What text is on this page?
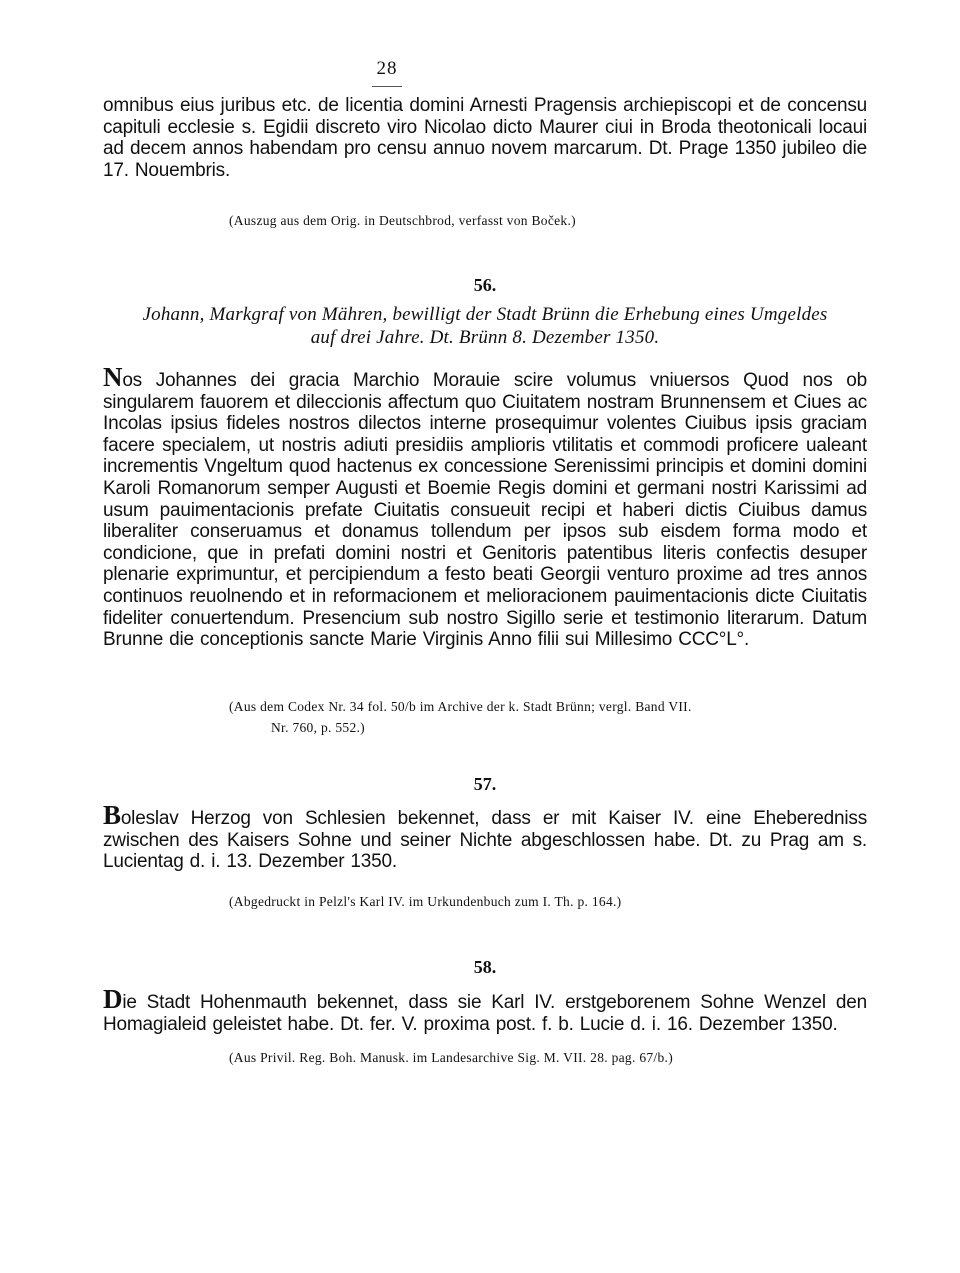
28

omnibus eius juribus etc. de licentia domini Arnesti Pragensis archiepiscopi et de concensu capituli ecclesie s. Egidii discreto viro Nicolao dicto Maurer ciui in Broda theotonicali locaui ad decem annos habendam pro censu annuo novem marcarum. Dt. Prage 1350 jubileo die 17. Nouembris.

(Auszug aus dem Orig. in Deutschbrod, verfasst von Boček.)

56.

Johann, Markgraf von Mähren, bewilligt der Stadt Brünn die Erhebung eines Umgeldes

auf drei Jahre. Dt. Brünn 8. Dezember 1350.

Nos Johannes dei gracia Marchio Morauie scire volumus vniuersos Quod nos ob singularem fauorem et dileccionis affectum quo Ciuitatem nostram Brunnensem et Ciues ac Incolas ipsius fideles nostros dilectos interne prosequimur volentes Ciuibus ipsis graciam facere specialem, ut nostris adiuti presidiis amplioris vtilitatis et commodi proficere ualeant incrementis Vngeltum quod hactenus ex concessione Serenissimi principis et domini domini Karoli Romanorum semper Augusti et Boemie Regis domini et germani nostri Karissimi ad usum pauimentacionis prefate Ciuitatis consueuit recipi et haberi dictis Ciuibus damus liberaliter conseruamus et donamus tollendum per ipsos sub eisdem forma modo et condicione, que in prefati domini nostri et Genitoris patentibus literis confectis desuper plenarie exprimuntur, et percipiendum a festo beati Georgii venturo proxime ad tres annos continuos reuolnendo et in reformacionem et melioracionem pauimentacionis dicte Ciuitatis fideliter conuertendum. Presencium sub nostro Sigillo serie et testimonio literarum. Datum Brunne die conceptionis sancte Marie Virginis Anno filii sui Millesimo CCC°L°.

(Aus dem Codex Nr. 34 fol. 50/b im Archive der k. Stadt Brünn; vergl. Band VII.

Nr. 760, p. 552.)

57.

Boleslav Herzog von Schlesien bekennet, dass er mit Kaiser IV. eine Eheberedniss zwischen des Kaisers Sohne und seiner Nichte abgeschlossen habe. Dt. zu Prag am s. Lucientag d. i. 13. Dezember 1350.

(Abgedruckt in Pelzl's Karl IV. im Urkundenbuch zum I. Th. p. 164.)

58.

Die Stadt Hohenmauth bekennet, dass sie Karl IV. erstgeborenem Sohne Wenzel den Homagialeid geleistet habe. Dt. fer. V. proxima post. f. b. Lucie d. i. 16. Dezember 1350.

(Aus Privil. Reg. Boh. Manusk. im Landesarchive Sig. M. VII. 28. pag. 67/b.)
